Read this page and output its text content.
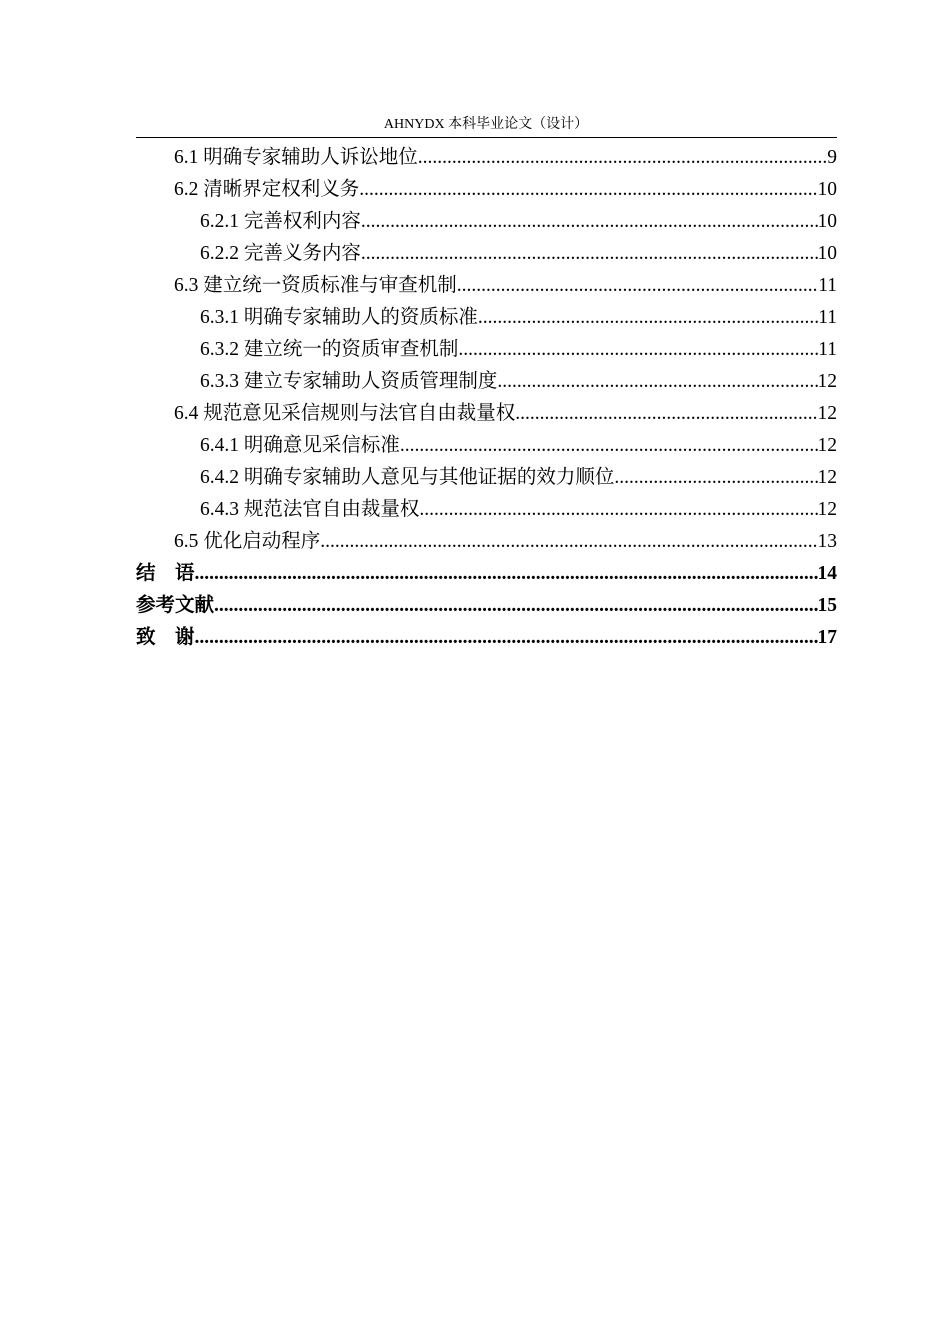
AHNYDX 本科毕业论文（设计）
6.1 明确专家辅助人诉讼地位 .....	9
6.2 清晰界定权利义务 .....	10
6.2.1 完善权利内容 .....	10
6.2.2 完善义务内容 .....	10
6.3 建立统一资质标准与审查机制 .....	11
6.3.1 明确专家辅助人的资质标准 .....	11
6.3.2 建立统一的资质审查机制 .....	11
6.3.3 建立专家辅助人资质管理制度 .....	12
6.4 规范意见采信规则与法官自由裁量权 .....	12
6.4.1 明确意见采信标准 .....	12
6.4.2 明确专家辅助人意见与其他证据的效力顺位 .....	12
6.4.3 规范法官自由裁量权 .....	12
6.5 优化启动程序 .....	13
结 语 .....	14
参考文献 .....	15
致 谢 .....	17
